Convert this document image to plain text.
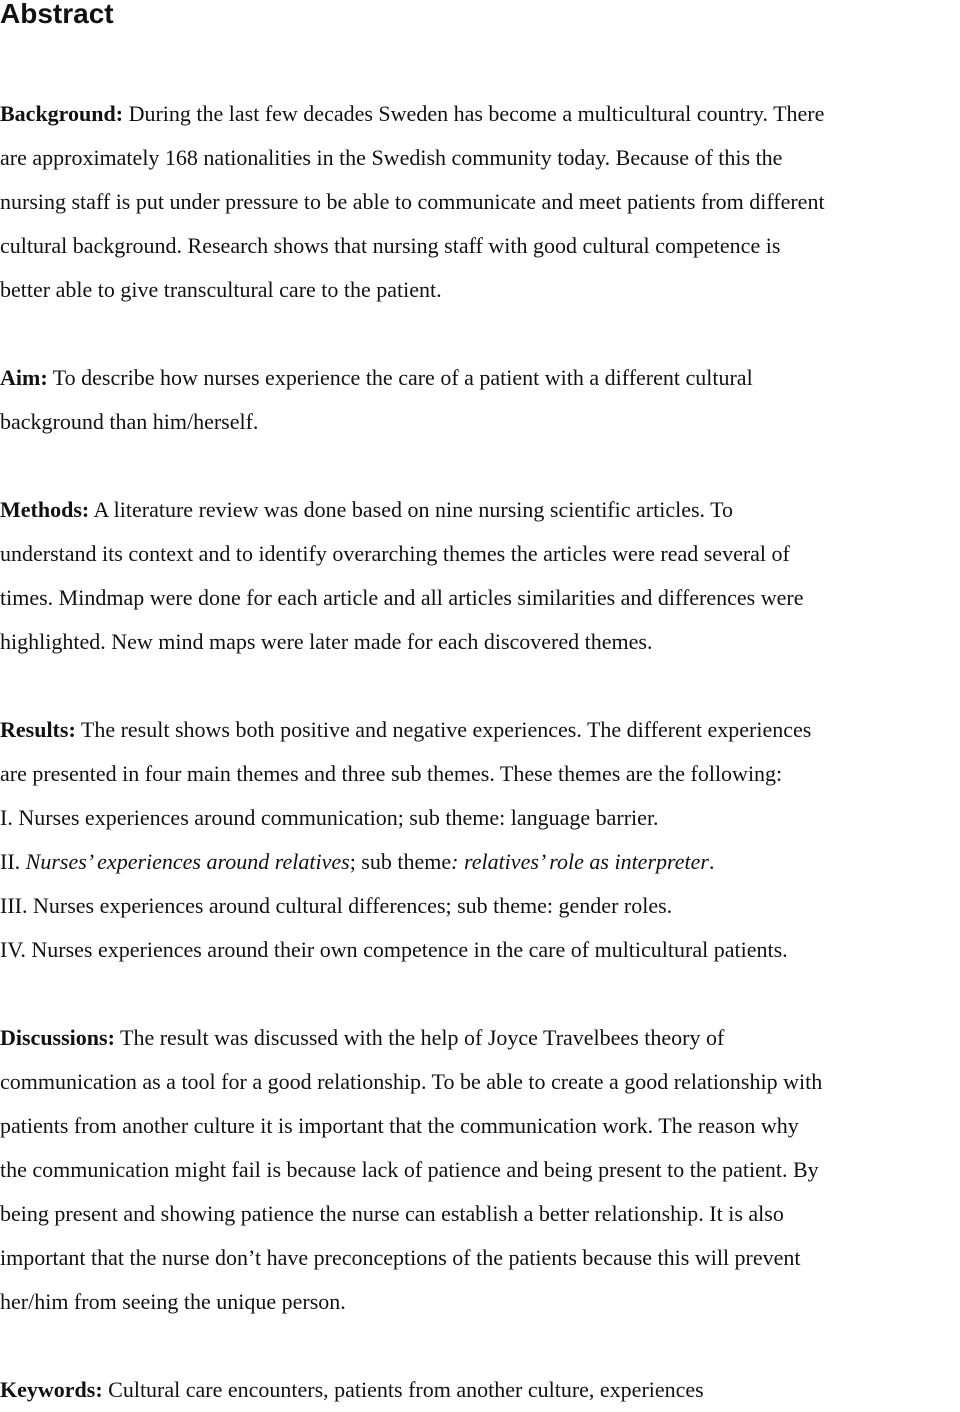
Abstract

Background: During the last few decades Sweden has become a multicultural country. There
are approximately 168 nationalities in the Swedish community today. Because of this the
nursing staff is put under pressure to be able to communicate and meet patients from different
cultural background. Research shows that nursing staff with good cultural competence is
better able to give transcultural care to the patient.

Aim: To describe how nurses experience the care of a patient with a different cultural
background than him/herself.

Methods: A literature review was done based on nine nursing scientific articles. To
understand its context and to identify overarching themes the articles were read several of
times. Mindmap were done for each article and all articles similarities and differences were
highlighted. New mind maps were later made for each discovered themes.

Results: The result shows both positive and negative experiences. The different experiences
are presented in four main themes and three sub themes. These themes are the following:
I. Nurses experiences around communication; sub theme: language barrier.
II. Nurses’ experiences around relatives; sub theme: relatives’ role as interpreter.
III. Nurses experiences around cultural differences; sub theme: gender roles.
IV. Nurses experiences around their own competence in the care of multicultural patients.

Discussions: The result was discussed with the help of Joyce Travelbees theory of
communication as a tool for a good relationship. To be able to create a good relationship with
patients from another culture it is important that the communication work. The reason why
the communication might fail is because lack of patience and being present to the patient. By
being present and showing patience the nurse can establish a better relationship. It is also
important that the nurse don’t have preconceptions of the patients because this will prevent
her/him from seeing the unique person.

Keywords: Cultural care encounters, patients from another culture, experiences
